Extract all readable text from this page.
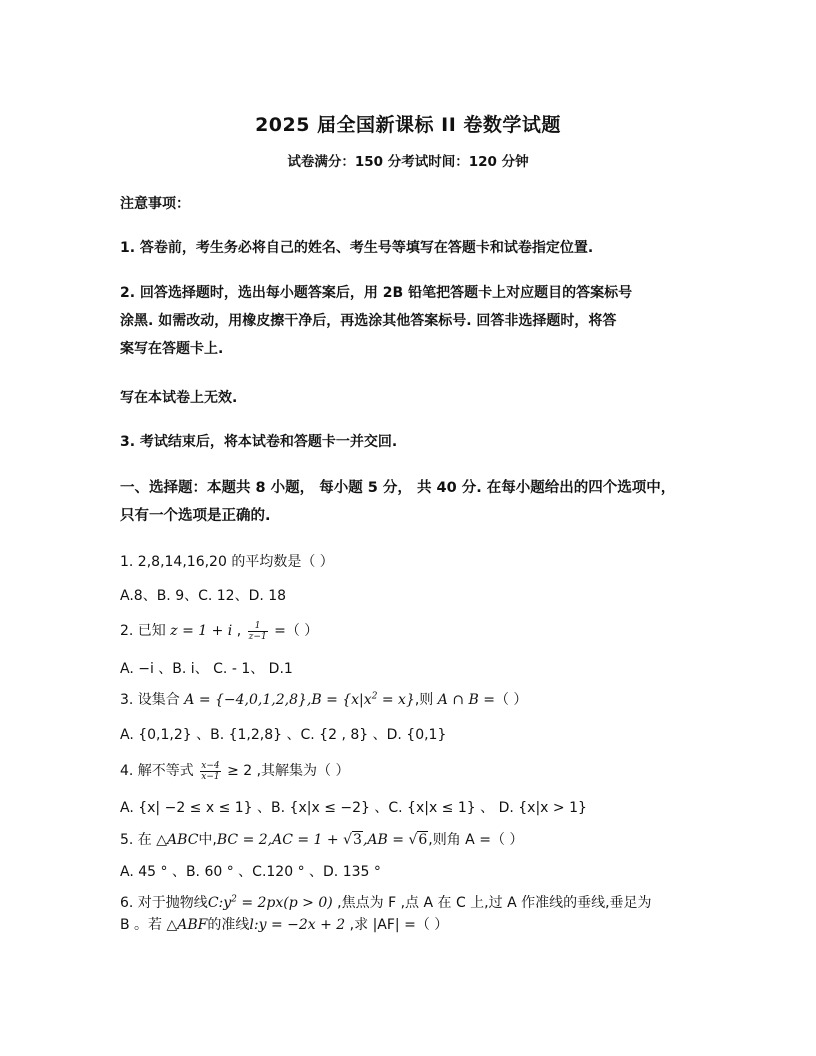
2025 届全国新课标 II 卷数学试题
试卷满分：150 分考试时间：120 分钟
注意事项：
1. 答卷前，考生务必将自己的姓名、考生号等填写在答题卡和试卷指定位置.
2. 回答选择题时，选出每小题答案后，用 2B 铅笔把答题卡上对应题目的答案标号
涂黑. 如需改动，用橡皮擦干净后，再选涂其他答案标号. 回答非选择题时，将答
案写在答题卡上.
写在本试卷上无效.
3. 考试结束后，将本试卷和答题卡一并交回.
一、选择题：本题共 8 小题， 每小题 5 分， 共 40 分. 在每小题给出的四个选项中，
只有一个选项是正确的.
1. 2,8,14,16,20 的平均数是（ ）
A.8、B. 9、C. 12、D. 18
2. 已知 z = 1 + i , $\frac{1}{z-1}$ =（ ）
A. −i 、B. i、 C. - 1、 D.1
3. 设集合 $A = \{-4,0,1,2,8\},B = \{x|x^2 = x\}$,则 A ∩ B =（ ）
A. {0,1,2} 、B. {1,2,8} 、C. {2 , 8} 、D. {0,1}
4. 解不等式 $\frac{x-4}{x-1} \ge 2$ ,其解集为（ ）
A. {x| −2 ≤ x ≤ 1} 、B. {x|x ≤ −2} 、C. {x|x ≤ 1} 、 D. {x|x > 1}
5. 在 △ABC中,BC = 2,AC = 1 + √3,AB = √6,则角 A =（ ）
A. 45 ° 、B. 60 ° 、C.120 ° 、D. 135 °
6. 对于抛物线$C:y^2 = 2px(p > 0)$ ,焦点为 F ,点 A 在 C 上,过 A 作准线的垂线,垂足为
B 。若 △ABF的准线l:y = −2x + 2 ,求 |AF| =（ ）
